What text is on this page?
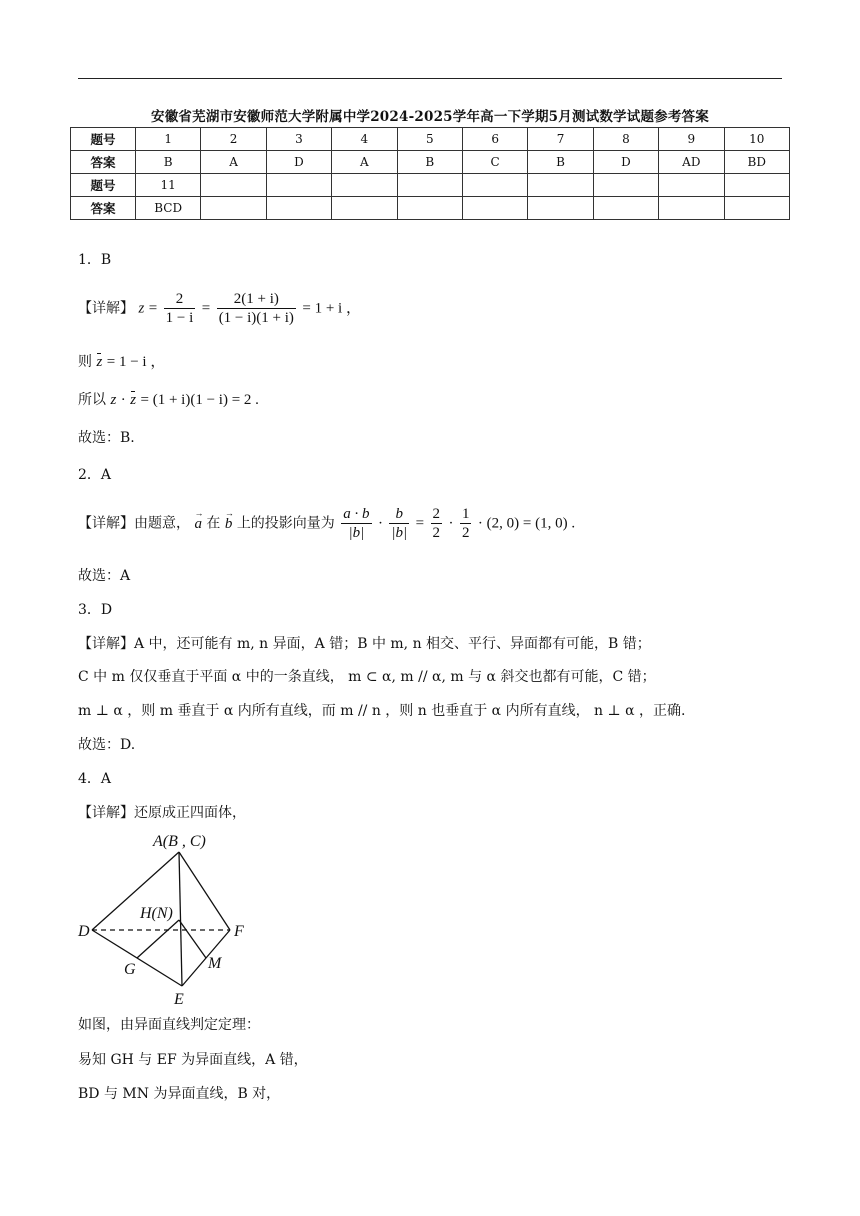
安徽省芜湖市安徽师范大学附属中学2024-2025学年高一下学期5月测试数学试题参考答案
题号	1	2	3	4	5	6	7	8	9	10
答案	B	A	D	A	B	C	B	D	AD	BD
题号	11									
答案	BCD									
1．B
【详解】 $z = \frac{2}{1 - i} = \frac{2(1 + i)}{(1 - i)(1 + i)} = 1 + i$ ，
则 z = 1 − i ，
所以 z · z = (1 + i)(1 − i) = 2 .
故选：B.
2．A
【详解】由题意， → a 在 → b 上的投影向量为 $\frac{a \cdot b}{|b|} \cdot \frac{b}{|b|} = \frac{2}{2} \cdot \frac{1}{2} \cdot (2$, 0) = (1, 0) .
故选：A
3．D
【详解】A 中，还可能有 m, n 异面，A 错；B 中 m, n 相交、平行、异面都有可能，B 错；
C 中 m 仅仅垂直于平面 α 中的一条直线， m ⊂ α, m // α, m 与 α 斜交也都有可能，C 错；
m ⊥ α ，则 m 垂直于 α 内所有直线，而 m // n ，则 n 也垂直于 α 内所有直线， n ⊥ α ，正确.
故选：D.
4．A
【详解】还原成正四面体，
A(B , C)
H(N)
D	F
G	M
E
如图，由异面直线判定定理：
易知 GH 与 EF 为异面直线，A 错，
BD 与 MN 为异面直线，B 对，
